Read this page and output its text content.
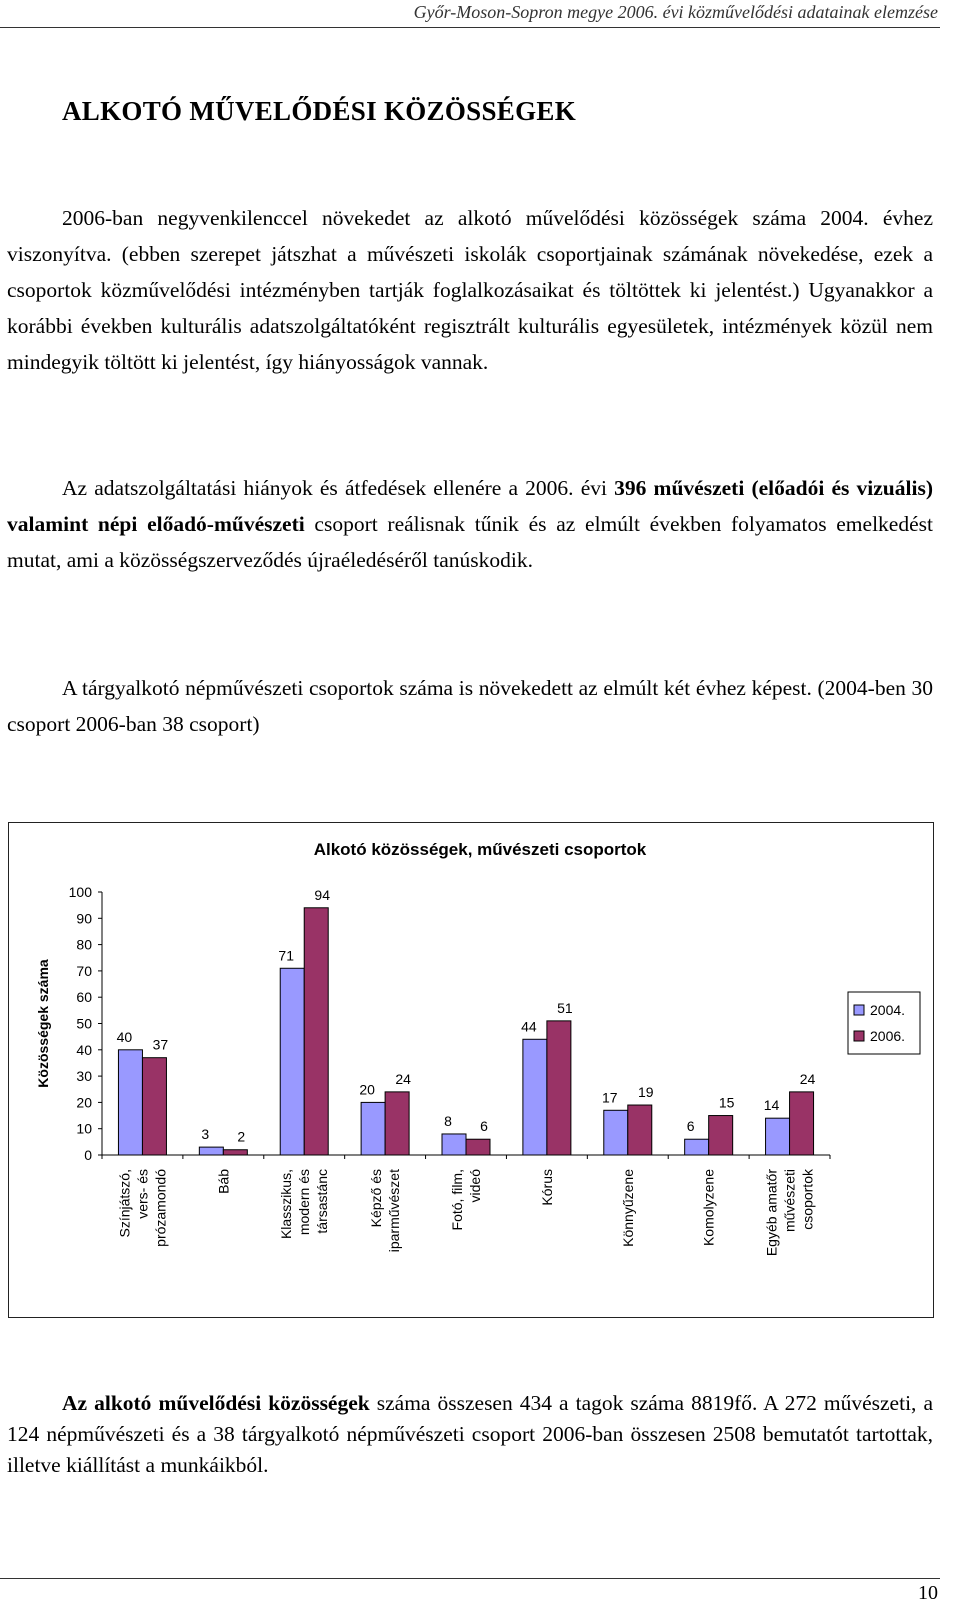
Győr-Moson-Sopron megye 2006. évi közművelődési adatainak elemzése
ALKOTÓ MŰVELŐDÉSI KÖZÖSSÉGEK
2006-ban negyvenkilenccel növekedet az alkotó művelődési közösségek száma 2004. évhez viszonyítva. (ebben szerepet játszhat a művészeti iskolák csoportjainak számának növekedése, ezek a csoportok közművelődési intézményben tartják foglalkozásaikat és töltöttek ki jelentést.) Ugyanakkor a korábbi években kulturális adatszolgáltatóként regisztrált kulturális egyesületek, intézmények közül nem mindegyik töltött ki jelentést, így hiányosságok vannak.
Az adatszolgáltatási hiányok és átfedések ellenére a 2006. évi 396 művészeti (előadói és vizuális) valamint népi előadó-művészeti csoport reálisnak tűnik és az elmúlt években folyamatos emelkedést mutat, ami a közösségszerveződés újraéledéséről tanúskodik.
A tárgyalkotó népművészeti csoportok száma is növekedett az elmúlt két évhez képest. (2004-ben 30 csoport 2006-ban 38 csoport)
Alkotó közösségek, művészeti csoportok
0
10
20
30
40
50
60
70
80
90
100
Közösségek száma	40 37
Színjátszó, vers- és prózamondó
3 2
Báb
71
94
Klasszikus, modern és társastánc
20
24
Képző és iparművészet
8 6
Fotó, film, videó
44
51
Kórus
17 19
Könnyűzene
6
15
Komolyzene
14
24
Egyéb amatőr művészeti csoportok
2004.
2006.
Az alkotó művelődési közösségek száma összesen 434 a tagok száma 8819fő. A 272 művészeti, a 124 népművészeti és a 38 tárgyalkotó népművészeti csoport 2006-ban összesen 2508 bemutatót tartottak, illetve kiállítást a munkáikból.
10
